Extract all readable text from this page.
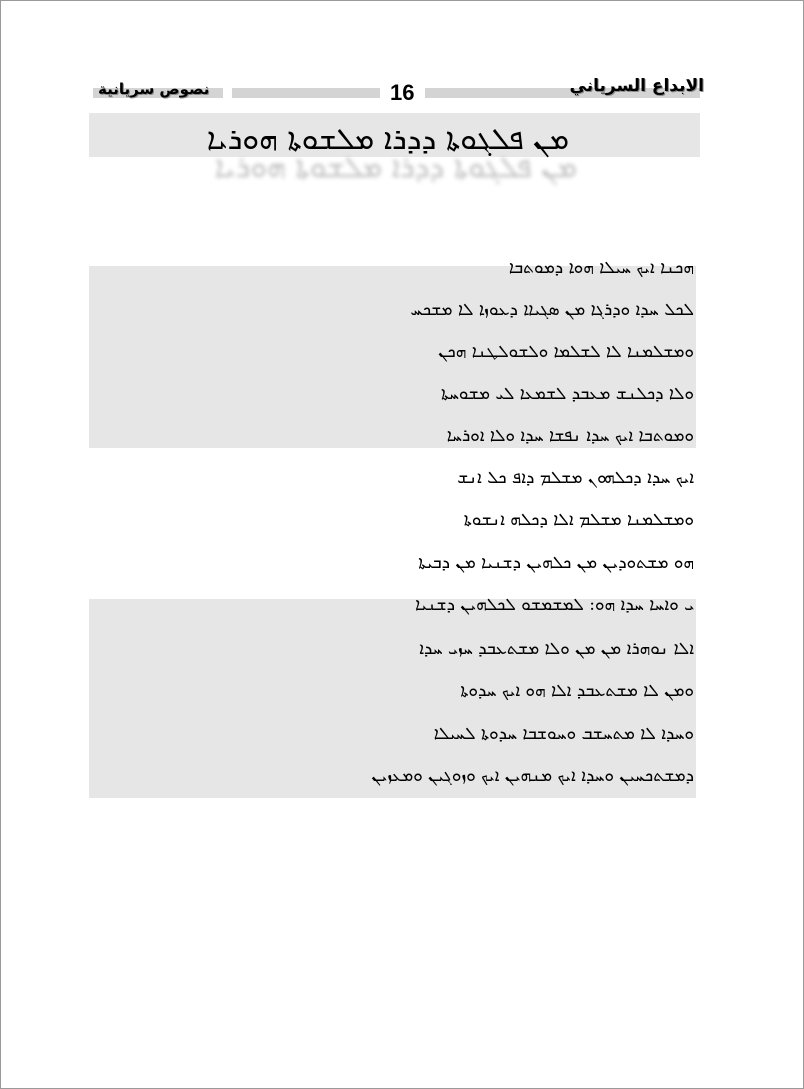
نصوص سريانية	16	الابداع السرياني
ܡܢ ܦܠܓܘܬܐ ܕܕܪܐ ܡܠܫܘܬܐ ܗܘܪܝܐ
ܡܢ ܦܠܓܘܬܐ ܕܕܪܐ ܡܠܫܘܬܐ ܗܘܪܝܐ
ܗܟܢܐ ܐܝܟ ܚܝܠܐ ܗܘܐ ܕܡܘܬܒܐ
ܠܟܠ ܚܕܐ ܘܕܪܓܐ ܡܢ ܣܓܝܐܐ ܕܥܘܙܐ ܠܐ ܡܫܟܚ
ܘܡܫܠܡܢܐ ܠܐ ܠܫܠܡܐ ܘܠܫܘܠܛܢܐ ܗܟܢ
ܘܠܐ ܕܟܠܢܫ ܡܥܒܕ ܠܫܡܥܐ ܠܝ ܡܫܘܚܬܐ
ܘܡܘܬܒܐ ܐܝܟ ܚܕܐ ܢܦܫܐ ܚܕܐ ܘܠܐ ܐܘܪܚܐ
ܐܝܟ ܚܕܐ ܕܟܠܗܘܢ ܡܫܠܡ ܕܐܦ ܟܠ ܐܢܫ
ܘܡܫܠܡܢܐ ܡܫܠܡ ܐܠܐ ܕܟܠܗ ܐܢܫܘܬܐ
ܗܘ ܡܫܬܘܕܝܢ ܡܢ ܟܠܗܝܢ ܕܫܢܝܐ ܡܢ ܕܒܝܬܐ
ܝ ܘܐܚܐ ܚܕܐ ܗܘ: ܠܡܫܡܫܘ ܠܟܠܗܝܢ ܕܫܢܝܐ
ܐܠܐ ܢܘܗܪܐ ܡܢ ܡܢ ܘܠܐ ܡܫܬܥܒܕ ܚܙܝ ܚܕܐ
ܘܡܢ ܠܐ ܡܫܬܥܒܕ ܐܠܐ ܗܘ ܐܝܟ ܚܕܘܬܐ
ܘܚܕܐ ܠܐ ܡܬܚܫܒ ܘܚܘܫܒܐ ܚܕܘܬܐ ܠܚܝܠܐ
ܕܡܫܬܟܚܝܢ ܘܚܕܐ ܐܝܟ ܡܢܗܝܢ ܐܝܟ ܘܙܘܓܝܢ ܘܡܥܙܝܢ
